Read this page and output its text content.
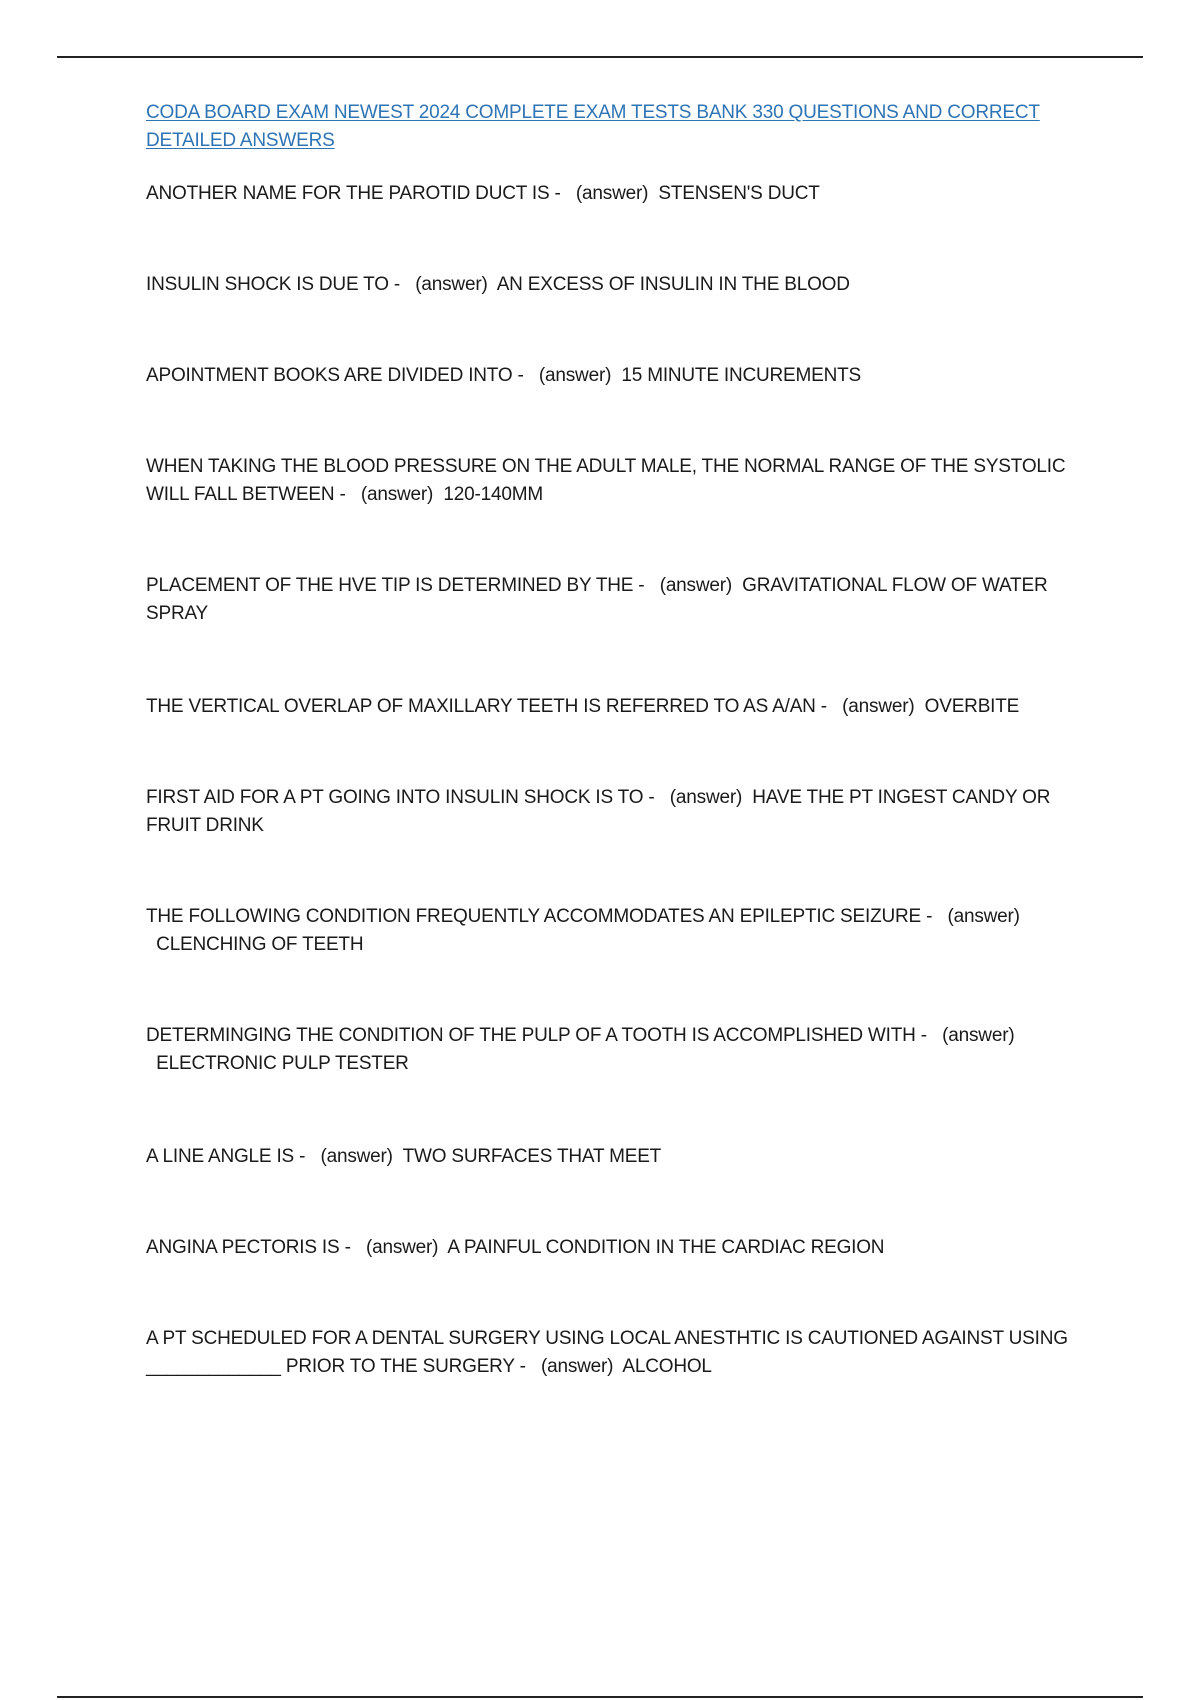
CODA BOARD EXAM NEWEST 2024 COMPLETE EXAM TESTS BANK 330 QUESTIONS AND CORRECT DETAILED ANSWERS
ANOTHER NAME FOR THE PAROTID DUCT IS - (answer) STENSEN'S DUCT
INSULIN SHOCK IS DUE TO - (answer) AN EXCESS OF INSULIN IN THE BLOOD
APOINTMENT BOOKS ARE DIVIDED INTO - (answer) 15 MINUTE INCUREMENTS
WHEN TAKING THE BLOOD PRESSURE ON THE ADULT MALE, THE NORMAL RANGE OF THE SYSTOLIC WILL FALL BETWEEN - (answer) 120-140MM
PLACEMENT OF THE HVE TIP IS DETERMINED BY THE - (answer) GRAVITATIONAL FLOW OF WATER SPRAY
THE VERTICAL OVERLAP OF MAXILLARY TEETH IS REFERRED TO AS A/AN - (answer) OVERBITE
FIRST AID FOR A PT GOING INTO INSULIN SHOCK IS TO - (answer) HAVE THE PT INGEST CANDY OR FRUIT DRINK
THE FOLLOWING CONDITION FREQUENTLY ACCOMMODATES AN EPILEPTIC SEIZURE - (answer)  CLENCHING OF TEETH
DETERMINGING THE CONDITION OF THE PULP OF A TOOTH IS ACCOMPLISHED WITH - (answer)  ELECTRONIC PULP TESTER
A LINE ANGLE IS - (answer) TWO SURFACES THAT MEET
ANGINA PECTORIS IS - (answer) A PAINFUL CONDITION IN THE CARDIAC REGION
A PT SCHEDULED FOR A DENTAL SURGERY USING LOCAL ANESTHTIC IS CAUTIONED AGAINST USING _____________ PRIOR TO THE SURGERY - (answer) ALCOHOL
